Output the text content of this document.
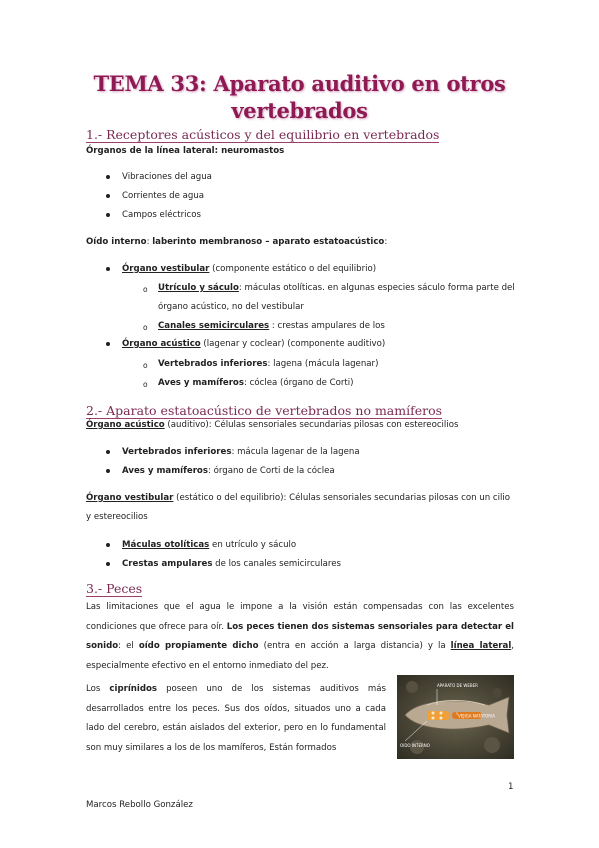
TEMA 33: Aparato auditivo en otros
vertebrados
1.- Receptores acústicos y del equilibrio en vertebrados
Órganos de la línea lateral: neuromastos
Vibraciones del agua
Corrientes de agua
Campos eléctricos
Oído interno: laberinto membranoso – aparato estatoacústico:
Órgano vestibular (componente estático o del equilibrio)
o Utrículo y sáculo: máculas otolíticas. en algunas especies sáculo forma parte del
órgano acústico, no del vestibular
o Canales semicirculares : crestas ampulares de los
Órgano acústico (lagenar y coclear) (componente auditivo)
o Vertebrados inferiores: lagena (mácula lagenar)
o Aves y mamíferos: cóclea (órgano de Corti)
2.- Aparato estatoacústico de vertebrados no mamíferos
Órgano acústico (auditivo): Células sensoriales secundarias pilosas con estereocilios
Vertebrados inferiores: mácula lagenar de la lagena
Aves y mamíferos: órgano de Corti de la cóclea
Órgano vestibular (estático o del equilibrio): Células sensoriales secundarias pilosas con un cilio
y estereocilios
Máculas otolíticas en utrículo y sáculo
Crestas ampulares de los canales semicirculares
3.- Peces
Las limitaciones que el agua le impone a la visión están compensadas con las excelentes condiciones que ofrece para oír. Los peces tienen dos sistemas sensoriales para detectar el sonido: el oído propiamente dicho (entra en acción a larga distancia) y la línea lateral, especialmente efectivo en el entorno inmediato del pez.
Los ciprínidos poseen uno de los sistemas auditivos más desarrollados entre los peces. Sus dos oídos, situados uno a cada lado del cerebro, están aislados del exterior, pero en lo fundamental son muy similares a los de los mamíferos, Están formados
APARATO DE WEBER
VEJIGA NATATORIA
OIDO INTERNO
1
Marcos Rebollo González
